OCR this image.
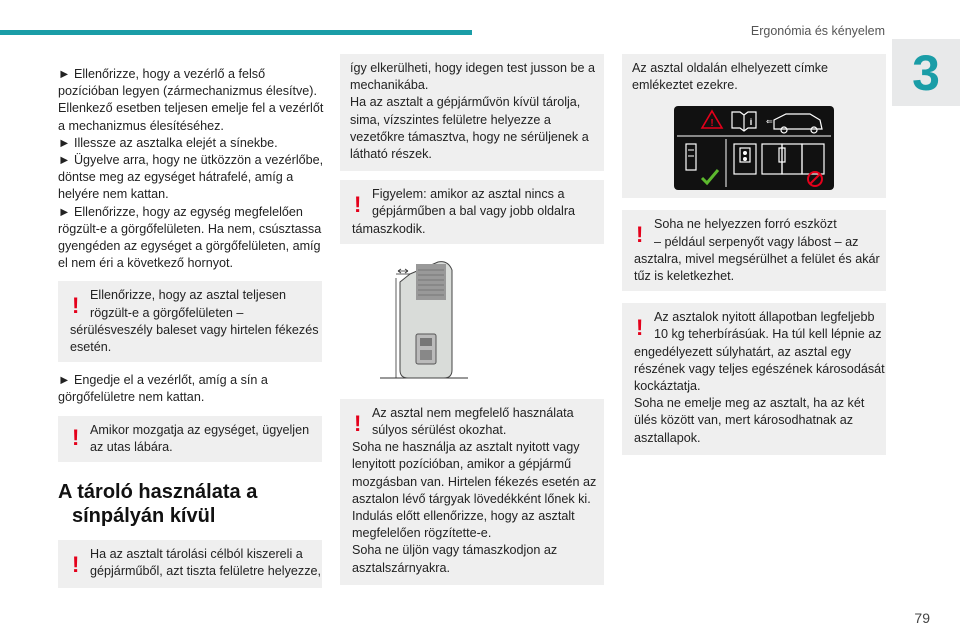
Ergonómia és kényelem
3
► Ellenőrizze, hogy a vezérlő a felső
pozícióban legyen (zármechanizmus élesítve).
Ellenkező esetben teljesen emelje fel a vezérlőt
a mechanizmus élesítéséhez.
► Illessze az asztalka elejét a sínekbe.
► Ügyelve arra, hogy ne ütközzön a vezérlőbe,
döntse meg az egységet hátrafelé, amíg a
helyére nem kattan.
► Ellenőrizze, hogy az egység megfelelően
rögzült-e a görgőfelületen. Ha nem, csúsztassa
gyengéden az egységet a görgőfelületen, amíg
el nem éri a következő hornyot.
! Ellenőrizze, hogy az asztal teljesen
rögzült-e a görgőfelületen –
sérülésveszély baleset vagy hirtelen fékezés
esetén.
► Engedje el a vezérlőt, amíg a sín a
görgőfelületre nem kattan.
! Amikor mozgatja az egységet, ügyeljen
az utas lábára.
A tároló használata a
sínpályán kívül
! Ha az asztalt tárolási célból kiszereli a
gépjárműből, azt tiszta felületre helyezze,
így elkerülheti, hogy idegen test jusson be a
mechanikába.
Ha az asztalt a gépjárművön kívül tárolja,
sima, vízszintes felületre helyezze a
vezetőkre támasztva, hogy ne sérüljenek a
látható részek.
! Figyelem: amikor az asztal nincs a
gépjárműben a bal vagy jobb oldalra
támaszkodik.
! Az asztal nem megfelelő használata
súlyos sérülést okozhat.
Soha ne használja az asztalt nyitott vagy
lenyitott pozícióban, amikor a gépjármű
mozgásban van. Hirtelen fékezés esetén az
asztalon lévő tárgyak lövedékként lőnek ki.
Indulás előtt ellenőrizze, hogy az asztalt
megfelelően rögzítette-e.
Soha ne üljön vagy támaszkodjon az
asztalszárnyakra.
Az asztal oldalán elhelyezett címke
emlékeztet ezekre.
!	i ⇐
! Soha ne helyezzen forró eszközt
– például serpenyőt vagy lábost – az
asztalra, mivel megsérülhet a felület és akár
tűz is keletkezhet.
! Az asztalok nyitott állapotban legfeljebb
10 kg teherbírásúak. Ha túl kell lépnie az
engedélyezett súlyhatárt, az asztal egy
részének vagy teljes egészének károsodását
kockáztatja.
Soha ne emelje meg az asztalt, ha az két
ülés között van, mert károsodhatnak az
asztallapok.
79
